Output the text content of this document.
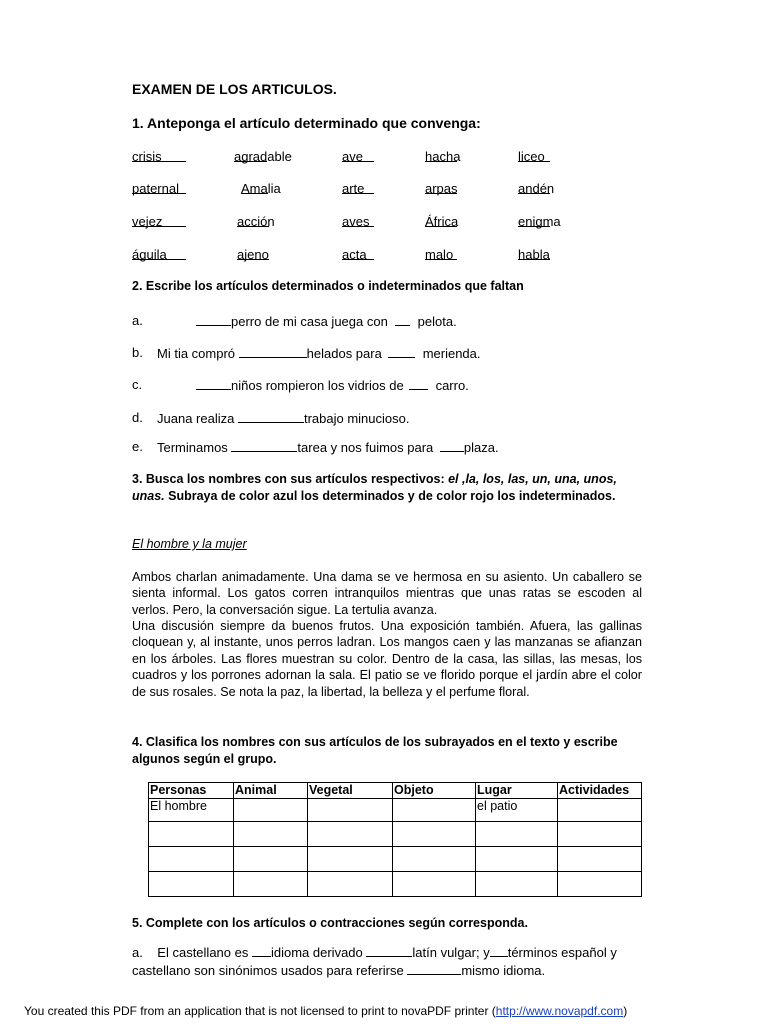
EXAMEN DE LOS ARTICULOS.
1. Anteponga el artículo determinado que convenga:
crisis	agradable	ave	hacha	liceo
paternal	Amalia	arte	arpas	andén
vejez	acción	aves	África	enigma
águila	ajeno	acta	malo	habla
2. Escribe los artículos determinados o indeterminados que faltan
a.	perro de mi casa juega con pelota.
b. Mi tia compró	helados para	merienda.
c.	niños rompieron los vidrios de carro.
d. Juana realiza	trabajo minucioso.
e. Terminamos	tarea y nos fuimos para plaza.
3. Busca los nombres con sus artículos respectivos: el ,la, los, las, un, una, unos, unas. Subraya de color azul los determinados y de color rojo los indeterminados.
El hombre y la mujer
Ambos charlan animadamente. Una dama se ve hermosa en su asiento. Un caballero se sienta informal. Los gatos corren intranquilos mientras que unas ratas se escoden al verlos. Pero, la conversación sigue. La tertulia avanza.
Una discusión siempre da buenos frutos. Una exposición también. Afuera, las gallinas cloquean y, al instante, unos perros ladran. Los mangos caen y las manzanas se afianzan en los árboles. Las flores muestran su color. Dentro de la casa, las sillas, las mesas, los cuadros y los porrones adornan la sala. El patio se ve florido porque el jardín abre el color de sus rosales. Se nota la paz, la libertad, la belleza y el perfume floral.
4. Clasifica los nombres con sus artículos de los subrayados en el texto y escribe algunos según el grupo.
Personas	Animal	Vegetal	Objeto	Lugar	Actividades
El hombre				el patio	

5. Complete con los artículos o contracciones según corresponda.
a. El castellano es idioma derivado	latín vulgar; y términos español y
castellano son sinónimos usados para referirse	mismo idioma.
You created this PDF from an application that is not licensed to print to novaPDF printer (http://www.novapdf.com)
